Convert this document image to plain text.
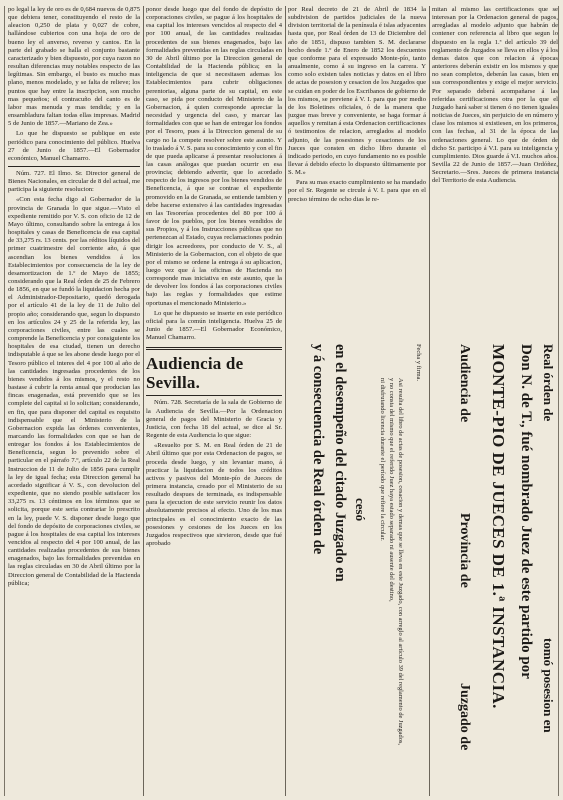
po legal la ley de oro es de 0,684 nuevos de 0,875 que debiera tener, constituyendo el resto de la aleacion 0,250 de plata y 0,027 de cobre, hallándose cubiertos con una hoja de oro de bueno ley el anverso, reverso y cantos. En la parte del grabado se halla el conjunto bastante caracterizado y bien dispuesto, por cuya razon no resultan diferencias muy notables respecto de las legítimas. Sin embargo, el busto es mucho mas plano, menos modelado, y se falta de relieve; los puntos que hay entre la inscripcion, son mucho mas pequeños; el contracuño del canto es de labor mas menuda y mas tendida; y en la ensambladura faltan todas ellas impresas. Madrid 5 de Junio de 1857.—Mariano de Zea.»

Lo que he dispuesto se publique en este periódico para conocimiento del público. Huelva 27 de Junio de 1857.—El Gobernador económico, Manuel Chamarro.

Núm. 727. El Ilmo. Sr. Director general de Bienes Nacionales, en circular de 8 del actual, me participa la siguiente resolucion:

«Con esta fecha digo al Gobernador de la provincia de Granada lo que sigue.—Visto el expediente remitido por V. S. con oficio de 12 de Mayo último, consultando sobre la entrega á los hospitales y casas de Beneficencia de esa capital de 33,275 rs. 13 cents. por las réditos líquidos del primer cuatrimestre del corriente año, á que ascendian los bienes vendidos á los Establecimientos por consecuencia de la ley de desamortizacion de 1.º de Mayo de 1855; considerando que la Real órden de 25 de Febrero de 1856, en que se fundó la liquidacion hecha por el Administrador-Depositario, quedó derogada por el artículo 41 de la ley de 11 de Julio del propio año; considerando que, segun lo dispuesto en los artículos 24 y 25 de la referida ley, las corporaciones civiles, entre las cuales se comprende la Beneficencia y por consiguiente los hospitales de esa ciudad, tienen un derecho indisputable á que se les abone desde luego por el Tesoro público el interes del 4 por 100 al año de las cantidades ingresadas procedentes de los bienes vendidos á los mismos, y el resto no bastase á cubrir la renta anual que producian las fincas enagenadas, está prevenido que se les complete del capital si lo solicitan; considerando, en fin, que para disponer del capital es requisito indispensable que el Ministerio de la Gobernacion expida las órdenes convenientes, marcando las formalidades con que se han de entregar los fondos á los Establecimientos de Beneficencia, segun lo prevenido sobre el particular en el párrafo 7.º, artículo 22 de la Real Instruccion de 11 de Julio de 1856 para cumplir la ley de igual fecha; esta Direccion general ha acordado significar á V. S., con devolucion del expediente, que no siendo posible satisfacer los 33,275 rs. 13 céntimos en los términos que se solicita, porque este seria contrariar lo prescrito en la ley, puede V. S. disponer desde luego que del fondo de depósito de corporaciones civiles, se pague á los hospitales de esa capital los intereses vencidos al respecto del 4 por 100 anual, de las cantidades realizadas procedentes de sus bienes enagenados, bajo las formalidades prevenidas en las reglas circuladas en 30 de Abril último por la Direccion general de Contabilidad de la Hacienda pública;

ponor desde luego que del fondo de depósito de corporaciones civiles, se pague á los hospitales de esa capital los intereses vencidos al respecto del 4 por 100 anual, de las cantidades realizadas procedentes de sus bienes enagenados, bajo las formalidades prevenidas en las reglas circuladas en 30 de Abril último por la Direccion general de Contabilidad de la Hacienda pública; en la inteligencia de que si necesitasen ademas los Establecimientos para cubrir obligaciones perentorias, alguna parte de su capital, en este caso, se pida por conducto del Ministerio de la Gobernacion, á quien corresponde apreciar la necesidad y urgencia del caso, y marcar las formalidades con que se han de entregar los fondos por el Tesoro, pues á la Direccion general de su cargo no la compete resolver sobre este asunto. Y lo traslado á V. S. para su conocimiento y con el fin de que pueda aplicarse á presentar resoluciones á las casas análogas que puedan ocurrir en esa provincia; debiendo advertir, que lo acordado respecto de los ingresos por los bienes vendidos de Beneficencia, á que se contrae el expediente promovido en la de Granada, se entiende tambien y debe hacerse extensivo á las cantidades ingresadas en las Tesorerías procedentes del 80 por 100 á favor de los pueblos, por los bienes vendidos de sus Propios, y á los Instrucciones públicas que no pertenezcan al Estado, cuyas reclamaciones podrán dirigir los acreedores, por conducto de V. S., al Ministerio de la Gobernacion, con el objeto de que por el mismo se ordene la entrega á su aplicacion, luego vez que á las oficinas de Hacienda no corresponde mas iniciativa en este asunto, que la de devolver los fondos á las corporaciones civiles bajo las reglas y formalidades que estime oportunas el mencionado Ministerio.»

Lo que he dispuesto se inserte en este periódico oficial para la común inteligencia. Huelva 25 de Junio de 1857.—El Gobernador Económico, Manuel Chamarro.

Audiencia de Sevilla.

Núm. 728. Secretaría de la sala de Gobierno de la Audiencia de Sevilla.—Por la Ordenacion general de pagos del Ministerio de Gracia y Justicia, con fecha 18 del actual, se dice al Sr. Regente de esta Audiencia lo que sigue:

«Resuelto por S. M. en Real órden de 21 de Abril último que por esta Ordenacion de pagos, se proceda desde luego, y sin levantar mano, á practicar la liquidacion de todos los créditos activos y pasivos del Monte-pío de Jueces de primera instancia, creado por el Ministerio de su resultado despues de terminada, es indispensable para la ejecucion de este servicio reunir los datos absolutamente precisos al efecto. Uno de los mas principales es el conocimiento exacto de las posesiones y cesiones de los Jueces en los Juzgados respectivos que sirvieron, desde que fué aprobado

por Real decreto de 21 de Abril de 1834 la subdivision de partidos judiciales de la nueva division territorial de la península é islas adyacentes hasta que, por Real órden de 13 de Diciembre del año de 1851, dispuso tambien S. M. declararse hecho desde 1.º de Enero de 1852 los descuentos que conforme para el expresado Monte-pío, tanto anualmente, como á su ingreso en la carrera. Y como solo existen tales noticias y datos en el libro de actas de posesion y cesacion de los Juzgados que se cuidan en poder de los Escribanos de gobierno de los mismos, se previene á V. I. para que por medio de los Boletines oficiales, ó de la manera que juzgue mas breve y conveniente, se haga formar á aquellos y remitan á esta Ordenacion certificaciones ó testimonios de relacion, arreglados al modelo adjunto, de las posesiones y cesaciones de los Jueces que consten en dicho libro durante el indicado periodo, en cuyo fundamento no es posible llevar á debido efecto lo dispuesto últimamente por S. M.»

Para su mas exacto cumplimiento se ha mandado por el Sr. Regente se circule á V. I. para que en el preciso término de ocho dias le re-

mitan al mismo las certificaciones que se interesan por la Ordenacion general de pagos, arregladas al modelo adjunto que habrán de contener con referencia al libro que segun lo dispuesto en la regla 1.ª del artículo 39 del reglamento de Juzgados se lleva en ellos y á los demas datos que con relacion á épocas anteriores deberán existir en los mismos y que no sean completos, deberán las casas, bien en sus correspondientes y exige el mejor servicio. Por separado deberá acompañarse á las referidas certificaciones otra por la que el Juzgado hará saber si tienen ó no tienen iguales noticias de Jueces, sin perjuicio de en número y clase los mismos si existiesen, en los primeros, con las fechas, al 31 de la época de las ordenaciones general. Lo que de órden de dicho Sr. participo á V.I. para su inteligencia y cumplimiento. Dios guarde á V.I. muchos años. Sevilla 22 de Junio de 1857.—Juan Ordóñez, Secretario.—Sres. Jueces de primera instancia del Territorio de esta Audiencia.

Fecha y firma.
Asi resulta del libro de actas de posesion, cesacion y demas que se lleva en este Juzgado, con arreglo al artículo 39 del reglamento de Juzgados,
y no consta del mismo que el referido Juez haya estado separado ni ausente del destino,
ni disfrutando licencia durante el período que refiere la circular.
cesó
en el desempeño del citado Juzgado en
y á consecuencia de Real órden de
tomó posesion en
Real órden de
Don N. de T., fué nombrado Juez de este partido por
MONTE-PIO DE JUECES DE 1.ª INSTANCIA.
Audiencia de
Provincia de
Juzgado de
